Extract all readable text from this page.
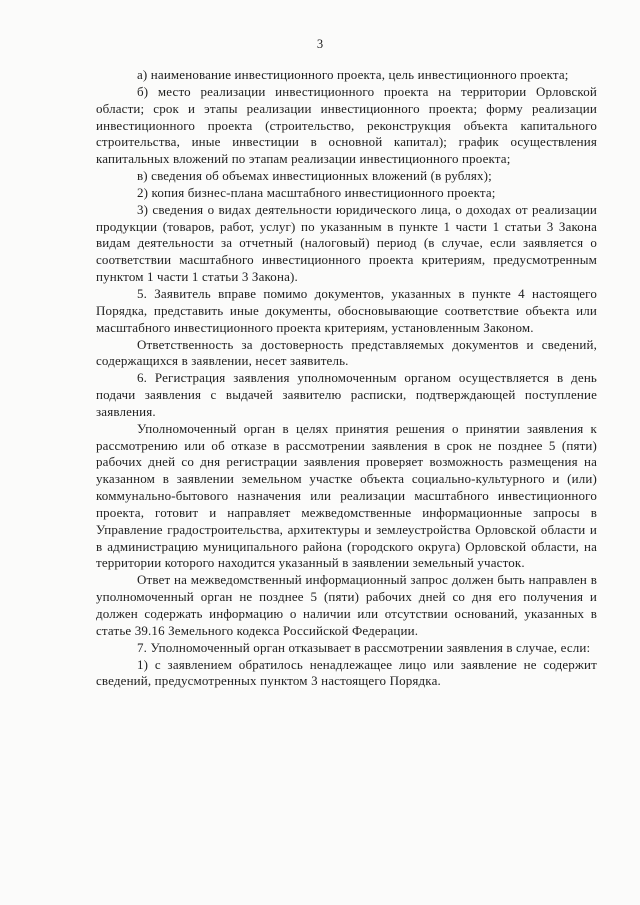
3

а) наименование инвестиционного проекта, цель инвестиционного проекта;

б) место реализации инвестиционного проекта на территории Орловской области; срок и этапы реализации инвестиционного проекта; форму реализации инвестиционного проекта (строительство, реконструкция объекта капитального строительства, иные инвестиции в основной капитал); график осуществления капитальных вложений по этапам реализации инвестиционного проекта;

в) сведения об объемах инвестиционных вложений (в рублях);

2) копия бизнес-плана масштабного инвестиционного проекта;

3) сведения о видах деятельности юридического лица, о доходах от реализации продукции (товаров, работ, услуг) по указанным в пункте 1 части 1 статьи 3 Закона видам деятельности за отчетный (налоговый) период (в случае, если заявляется о соответствии масштабного инвестиционного проекта критериям, предусмотренным пунктом 1 части 1 статьи 3 Закона).

5. Заявитель вправе помимо документов, указанных в пункте 4 настоящего Порядка, представить иные документы, обосновывающие соответствие объекта или масштабного инвестиционного проекта критериям, установленным Законом.

Ответственность за достоверность представляемых документов и сведений, содержащихся в заявлении, несет заявитель.

6. Регистрация заявления уполномоченным органом осуществляется в день подачи заявления с выдачей заявителю расписки, подтверждающей поступление заявления.

Уполномоченный орган в целях принятия решения о принятии заявления к рассмотрению или об отказе в рассмотрении заявления в срок не позднее 5 (пяти) рабочих дней со дня регистрации заявления проверяет возможность размещения на указанном в заявлении земельном участке объекта социально-культурного и (или) коммунально-бытового назначения или реализации масштабного инвестиционного проекта, готовит и направляет межведомственные информационные запросы в Управление градостроительства, архитектуры и землеустройства Орловской области и в администрацию муниципального района (городского округа) Орловской области, на территории которого находится указанный в заявлении земельный участок.

Ответ на межведомственный информационный запрос должен быть направлен в уполномоченный орган не позднее 5 (пяти) рабочих дней со дня его получения и должен содержать информацию о наличии или отсутствии оснований, указанных в статье 39.16 Земельного кодекса Российской Федерации.

7. Уполномоченный орган отказывает в рассмотрении заявления в случае, если:

1) с заявлением обратилось ненадлежащее лицо или заявление не содержит сведений, предусмотренных пунктом 3 настоящего Порядка.
